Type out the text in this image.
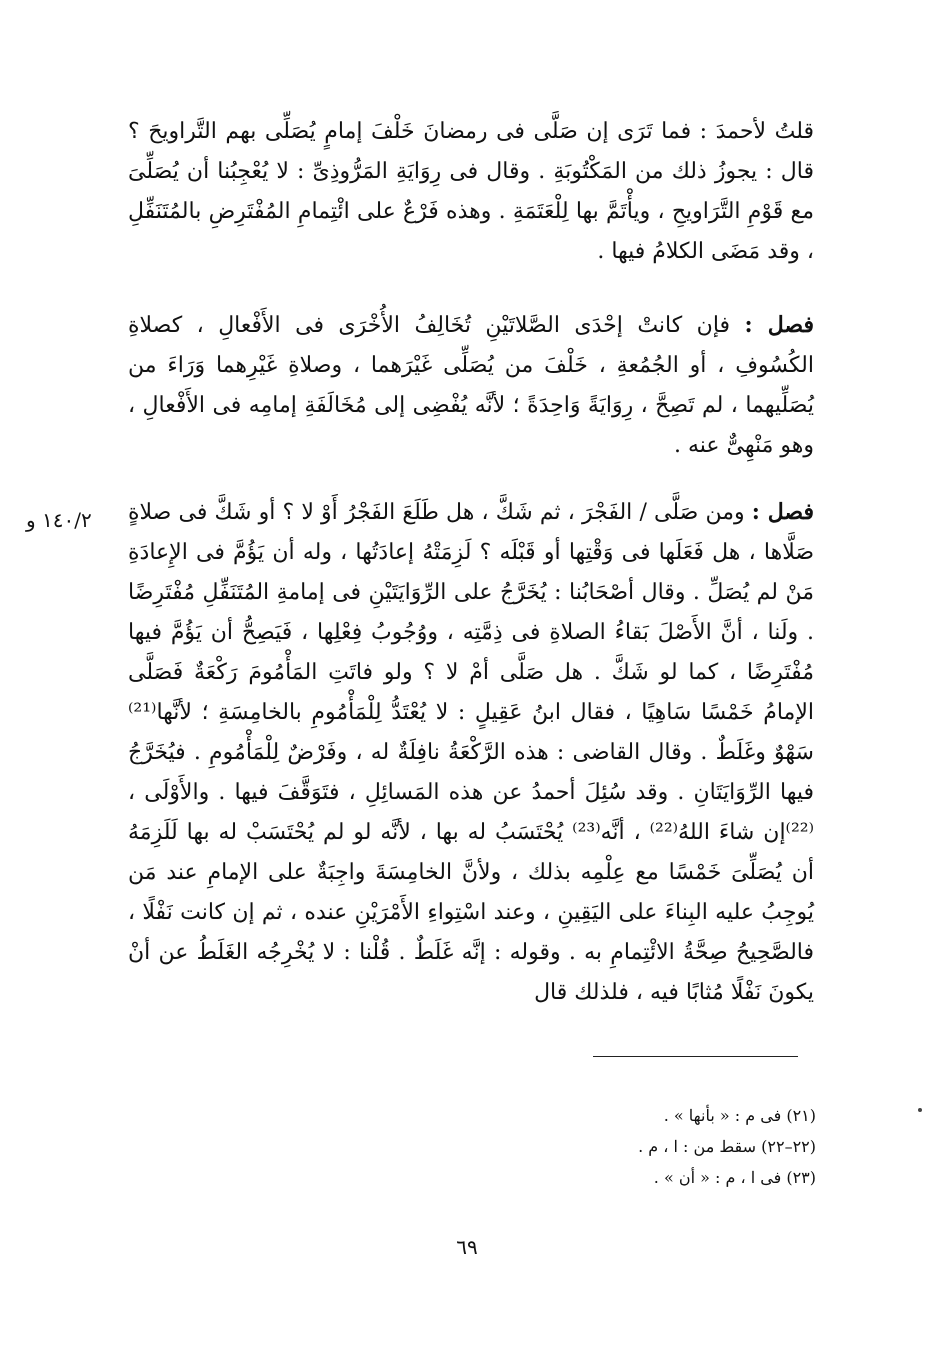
قلتُ لأحمدَ : فما تَرَى إن صَلَّى فى رمضانَ خَلْفَ إمامٍ يُصَلِّى بهم التَّراويحَ ؟ قال : يجوزُ ذلك من المَكْتُوبَةِ . وقال فى رِوَايَةِ المَرُّوذِىِّ : لا يُعْجِبُنا أن يُصَلِّىَ مع قَوْمِ التَّرَاويحِ ، ويأْتَمَّ بها لِلْعَتَمَةِ . وهذه فَرْعٌ على ائْتِمامِ المُفْتَرِضِ بالمُتَنَفِّلِ ، وقد مَضَى الكلامُ فيها .
فصل : فإن كانتْ إحْدَى الصَّلاتَيْنِ تُخَالِفُ الأُخْرَى فى الأَفْعالِ ، كصلاةِ الكُسُوفِ ، أو الجُمُعةِ ، خَلْفَ من يُصَلِّى غَيْرَهما ، وصلاةِ غَيْرِهما وَرَاءَ من يُصَلِّيهما ، لم تَصِحَّ ، رِوَايَةً وَاحِدَةً ؛ لأنَّه يُفْضِى إلى مُخَالَفَةِ إمامِه فى الأَفْعالِ ، وهو مَنْهِىٌّ عنه .
١٤٠/٢ و	فصل : ومن صَلَّى / الفَجْرَ ، ثم شَكَّ ، هل طَلَعَ الفَجْرُ أَوْ لا ؟ أو شَكَّ فى صلاةٍ صَلَّاها ، هل فَعَلَها فى وَقْتِها أو قَبْلَه ؟ لَزِمَتْهُ إعادَتُها ، وله أن يَؤُمَّ فى الإِعادَةِ مَنْ لم يُصَلِّ . وقال أصْحَابُنا : يُخَرَّجُ على الرِّوَايَتَيْنِ فى إمامةِ المُتَنَفِّلِ مُفْتَرِضًا . ولَنا ، أنَّ الأَصْلَ بَقاءُ الصلاةِ فى ذِمَّتِه ، ووُجُوبُ فِعْلِها ، فَيَصِحُّ أن يَؤُمَّ فيها مُفْتَرِضًا ، كما لو شَكَّ . هل صَلَّى أمْ لا ؟ ولو فاتَتِ المَأْمُومَ رَكْعَةٌ فَصَلَّى الإمامُ خَمْسًا سَاهِيًا ، فقال ابنُ عَقِيلٍ : لا يُعْتَدُّ لِلْمَأْمُومِ بالخامِسَةِ ؛ لأنَّها⁽²¹⁾ سَهْوٌ وغَلَطٌ . وقال القاضى : هذه الرَّكْعَةُ نافِلَةٌ له ، وفَرْضٌ لِلْمَأْمُومِ . فيُخَرَّجُ فيها الرِّوَايَتَانِ . وقد سُئِلَ أحمدُ عن هذه المَسائِلِ ، فتَوَقَّفَ فيها . والأَوْلَى ، ⁽²²⁾إن شاءَ اللهُ⁽²²⁾ ، أنَّه⁽²³⁾ يُحْتَسَبُ له بها ، لأنَّه لو لم يُحْتَسَبْ له بها لَلَزِمَهُ أن يُصَلِّىَ خَمْسًا مع عِلْمِه بذلك ، ولأنَّ الخامِسَةَ واجِبَةٌ على الإمامِ عند مَن يُوجِبُ عليه البِناءَ على اليَقِينِ ، وعند اسْتِواءِ الأَمْرَيْنِ عنده ، ثم إن كانت نَفْلًا ، فالصَّحِيحُ صِحَّةُ الائْتِمامِ به . وقوله : إنَّه غَلَطٌ . قُلْنا : لا يُخْرِجُه الغَلَطُ عن أنْ يكونَ نَفْلًا مُثابًا فيه ، فلذلك قال
(٢١) فى م : « بأنها » .
(٢٢–٢٢) سقط من : ا ، م .
(٢٣) فى ا ، م : « أن » .
٦٩
